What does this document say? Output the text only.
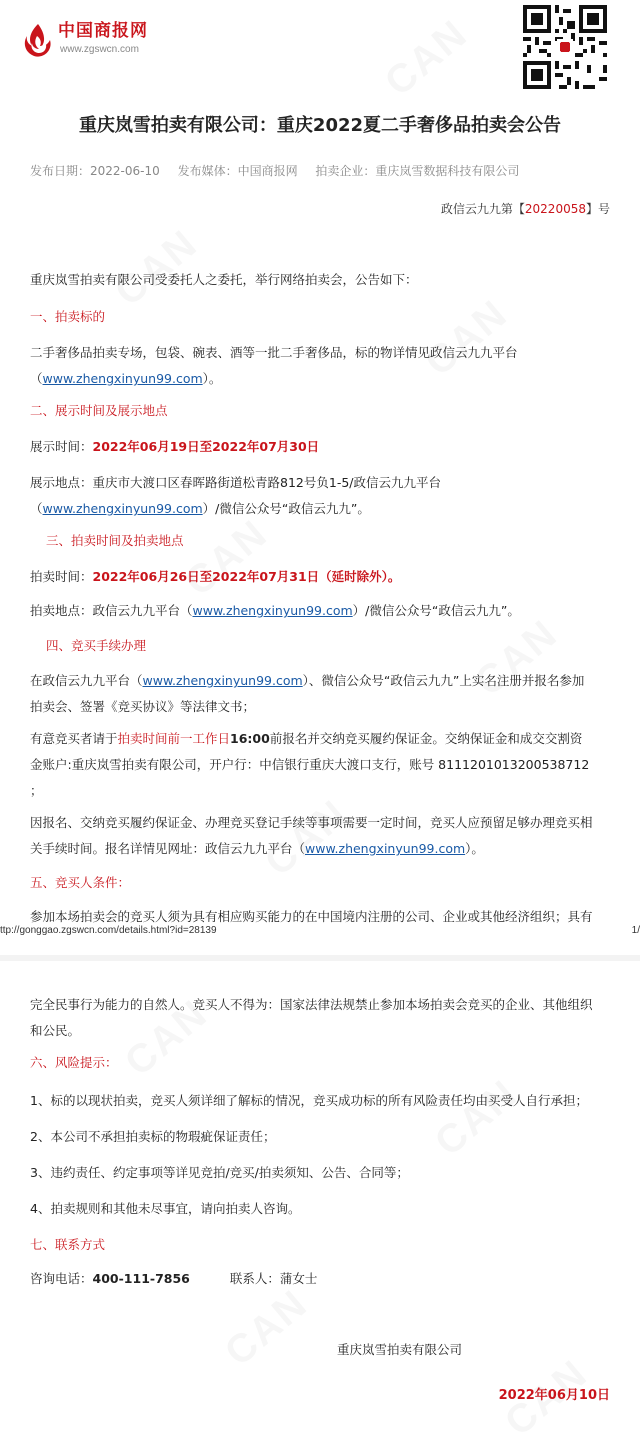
中国商报网
www.zgswcn.com
重庆岚雪拍卖有限公司：重庆2022夏二手奢侈品拍卖会公告
发布日期：2022-06-10 发布媒体：中国商报网 拍卖企业：重庆岚雪数据科技有限公司
政信云九九第【20220058】号
重庆岚雪拍卖有限公司受委托人之委托，举行网络拍卖会，公告如下：
一、拍卖标的
二手奢侈品拍卖专场，包袋、碗表、酒等一批二手奢侈品，标的物详情见政信云九九平台
（www.zhengxinyun99.com）。
二、展示时间及展示地点
展示时间：2022年06月19日至2022年07月30日
展示地点：重庆市大渡口区春晖路街道松青路812号负1-5/政信云九九平台
（www.zhengxinyun99.com）/微信公众号“政信云九九”。
三、拍卖时间及拍卖地点
拍卖时间：2022年06月26日至2022年07月31日（延时除外）。
拍卖地点：政信云九九平台（www.zhengxinyun99.com）/微信公众号“政信云九九”。
四、竞买手续办理
在政信云九九平台（www.zhengxinyun99.com）、微信公众号“政信云九九”上实名注册并报名参加
拍卖会、签署《竞买协议》等法律文书；
有意竞买者请于拍卖时间前一工作日16:00前报名并交纳竞买履约保证金。交纳保证金和成交交割资
金账户:重庆岚雪拍卖有限公司，开户行：中信银行重庆大渡口支行，账号 8111201013200538712
；
因报名、交纳竞买履约保证金、办理竞买登记手续等事项需要一定时间，竞买人应预留足够办理竞买相
关手续时间。报名详情见网址：政信云九九平台（www.zhengxinyun99.com）。
五、竞买人条件：
参加本场拍卖会的竞买人须为具有相应购买能力的在中国境内注册的公司、企业或其他经济组织；具有
ttp://gonggao.zgswcn.com/details.html?id=28139	1/
完全民事行为能力的自然人。竞买人不得为：国家法律法规禁止参加本场拍卖会竞买的企业、其他组织
和公民。
六、风险提示：
1、标的以现状拍卖，竞买人须详细了解标的情况，竞买成功标的所有风险责任均由买受人自行承担；
2、本公司不承担拍卖标的物瑕疵保证责任；
3、违约责任、约定事项等详见竞拍/竞买/拍卖须知、公告、合同等；
4、拍卖规则和其他未尽事宜，请向拍卖人咨询。
七、联系方式
咨询电话：400-111-7856	联系人：蒲女士
重庆岚雪拍卖有限公司
2022年06月10日
